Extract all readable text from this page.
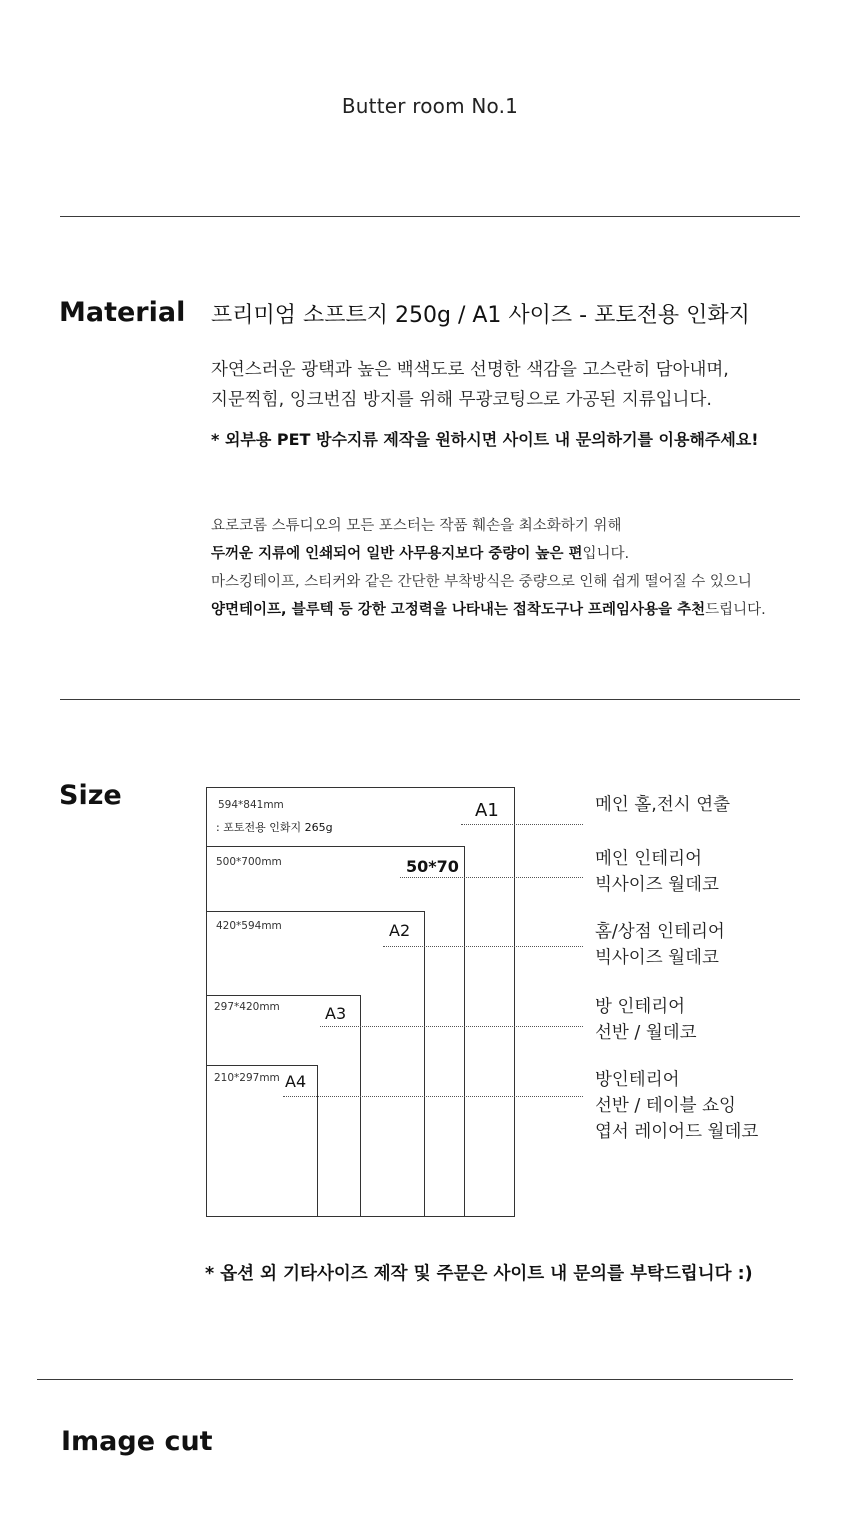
Butter room No.1
Material 프리미엄 소프트지 250g / A1 사이즈 - 포토전용 인화지
자연스러운 광택과 높은 백색도로 선명한 색감을 고스란히 담아내며,
지문찍힘, 잉크번짐 방지를 위해 무광코팅으로 가공된 지류입니다.
* 외부용 PET 방수지류 제작을 원하시면 사이트 내 문의하기를 이용해주세요!
요로코롬 스튜디오의 모든 포스터는 작품 훼손을 최소화하기 위해
두꺼운 지류에 인쇄되어 일반 사무용지보다 중량이 높은 편입니다.
마스킹테이프, 스티커와 같은 간단한 부착방식은 중량으로 인해 쉽게 떨어질 수 있으니
양면테이프, 블루텍 등 강한 고정력을 나타내는 접착도구나 프레임사용을 추천드립니다.
Size	594*841mm
: 포토전용 인화지 265g
A1	메인 홀,전시 연출
500*700mm	50*70	메인 인테리어
빅사이즈 월데코
420*594mm	A2	홈/상점 인테리어
빅사이즈 월데코
297*420mm	A3	방 인테리어
선반 / 월데코
210*297mm A4	방인테리어
선반 / 테이블 쇼잉
엽서 레이어드 월데코
* 옵션 외 기타사이즈 제작 및 주문은 사이트 내 문의를 부탁드립니다 :)
Image cut
